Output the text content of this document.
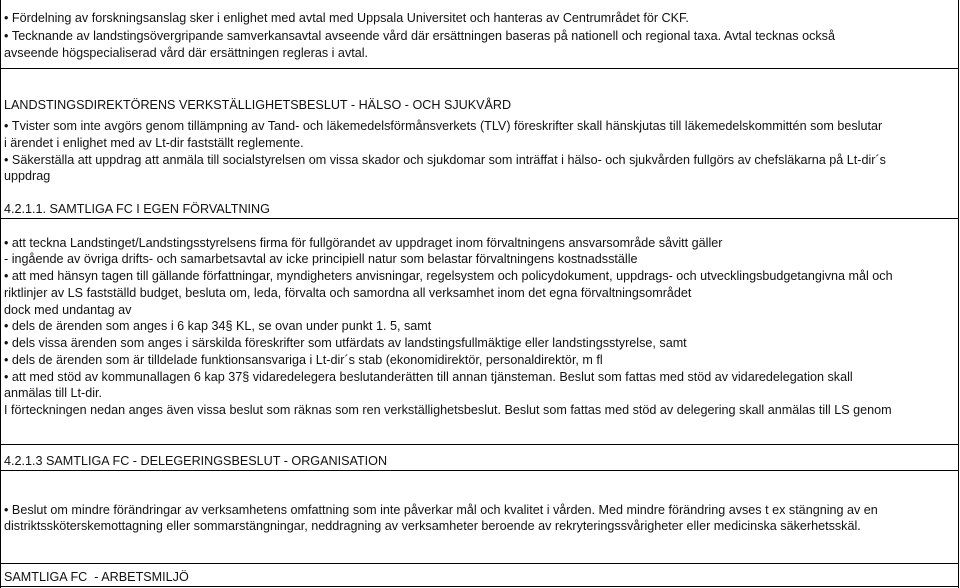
• Fördelning av forskningsanslag sker i enlighet med avtal med Uppsala Universitet och hanteras av Centrumrådet för CKF.

• Tecknande av landstingsövergripande samverkansavtal avseende vård där ersättningen baseras på nationell och regional taxa. Avtal tecknas också

avseende högspecialiserad vård där ersättningen regleras i avtal.

LANDSTINGSDIREKTÖRENS VERKSTÄLLIGHETSBESLUT - HÄLSO - OCH SJUKVÅRD

• Tvister som inte avgörs genom tillämpning av Tand- och läkemedelsförmånsverkets (TLV) föreskrifter skall hänskjutas till läkemedelskommittén som beslutar

i ärendet i enlighet med av Lt-dir fastställt reglemente.

• Säkerställa att uppdrag att anmäla till socialstyrelsen om vissa skador och sjukdomar som inträffat i hälso- och sjukvården fullgörs av chefsläkarna på Lt-dir´s

uppdrag

4.2.1.1. SAMTLIGA FC I EGEN FÖRVALTNING

• att teckna Landstinget/Landstingsstyrelsens firma för fullgörandet av uppdraget inom förvaltningens ansvarsområde såvitt gäller

- ingående av övriga drifts- och samarbetsavtal av icke principiell natur som belastar förvaltningens kostnadsställe

• att med hänsyn tagen till gällande författningar, myndigheters anvisningar, regelsystem och policydokument, uppdrags- och utvecklingsbudgetangivna mål och

riktlinjer av LS fastställd budget, besluta om, leda, förvalta och samordna all verksamhet inom det egna förvaltningsområdet

dock med undantag av

• dels de ärenden som anges i 6 kap 34§ KL, se ovan under punkt 1. 5, samt

• dels vissa ärenden som anges i särskilda föreskrifter som utfärdats av landstingsfullmäktige eller landstingsstyrelse, samt

• dels de ärenden som är tilldelade funktionsansvariga i Lt-dir´s stab (ekonomidirektör, personaldirektör, m fl

• att med stöd av kommunallagen 6 kap 37§ vidaredelegera beslutanderätten till annan tjänsteman. Beslut som fattas med stöd av vidaredelegation skall

anmälas till Lt-dir.

I förteckningen nedan anges även vissa beslut som räknas som ren verkställighetsbeslut. Beslut som fattas med stöd av delegering skall anmälas till LS genom

4.2.1.3 SAMTLIGA FC - DELEGERINGSBESLUT - ORGANISATION

• Beslut om mindre förändringar av verksamhetens omfattning som inte påverkar mål och kvalitet i vården. Med mindre förändring avses t ex stängning av en

distriktssköterskemottagning eller sommarstängningar, neddragning av verksamheter beroende av rekryteringssvårigheter eller medicinska säkerhetsskäl.

SAMTLIGA FC  - ARBETSMILJÖ
